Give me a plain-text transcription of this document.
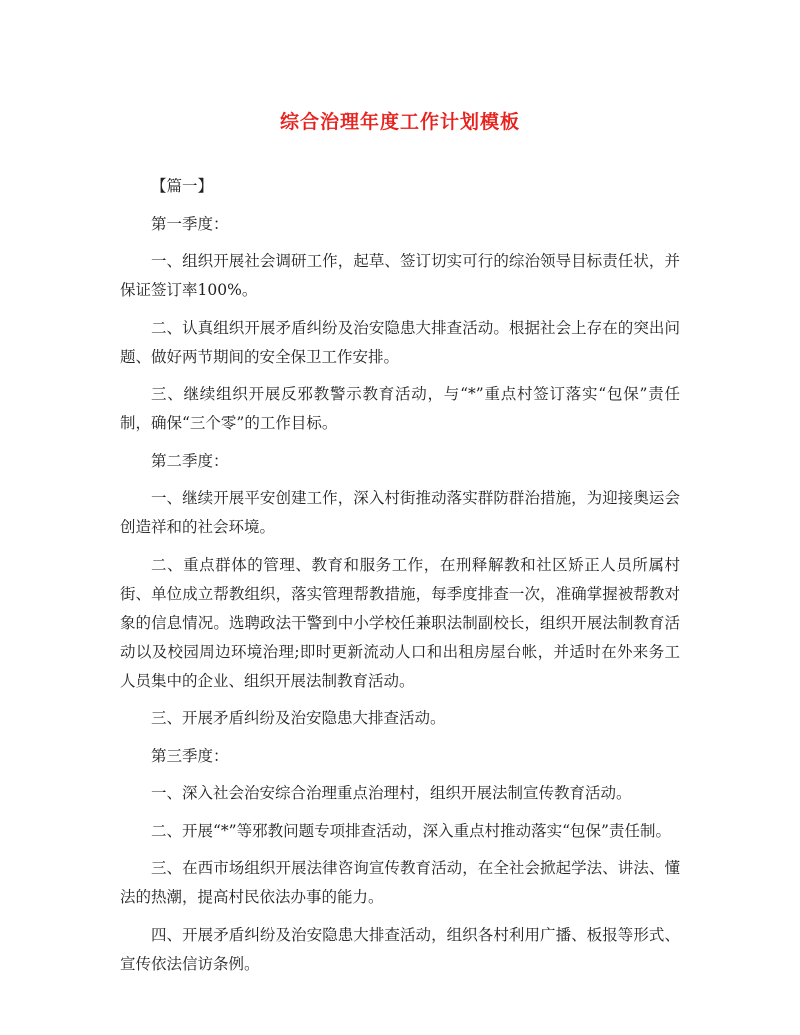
综合治理年度工作计划模板

【篇一】

第一季度：

一、组织开展社会调研工作，起草、签订切实可行的综治领导目标责任状，并保证签订率100%。

二、认真组织开展矛盾纠纷及治安隐患大排查活动。根据社会上存在的突出问题、做好两节期间的安全保卫工作安排。

三、继续组织开展反邪教警示教育活动，与“*”重点村签订落实“包保”责任制，确保“三个零”的工作目标。

第二季度：

一、继续开展平安创建工作，深入村街推动落实群防群治措施，为迎接奥运会创造祥和的社会环境。

二、重点群体的管理、教育和服务工作，在刑释解教和社区矫正人员所属村街、单位成立帮教组织，落实管理帮教措施，每季度排查一次，准确掌握被帮教对象的信息情况。选聘政法干警到中小学校任兼职法制副校长，组织开展法制教育活动以及校园周边环境治理;即时更新流动人口和出租房屋台帐，并适时在外来务工人员集中的企业、组织开展法制教育活动。

三、开展矛盾纠纷及治安隐患大排查活动。

第三季度：

一、深入社会治安综合治理重点治理村，组织开展法制宣传教育活动。

二、开展“*”等邪教问题专项排查活动，深入重点村推动落实“包保”责任制。

三、在西市场组织开展法律咨询宣传教育活动，在全社会掀起学法、讲法、懂法的热潮，提高村民依法办事的能力。

四、开展矛盾纠纷及治安隐患大排查活动，组织各村利用广播、板报等形式、宣传依法信访条例。
